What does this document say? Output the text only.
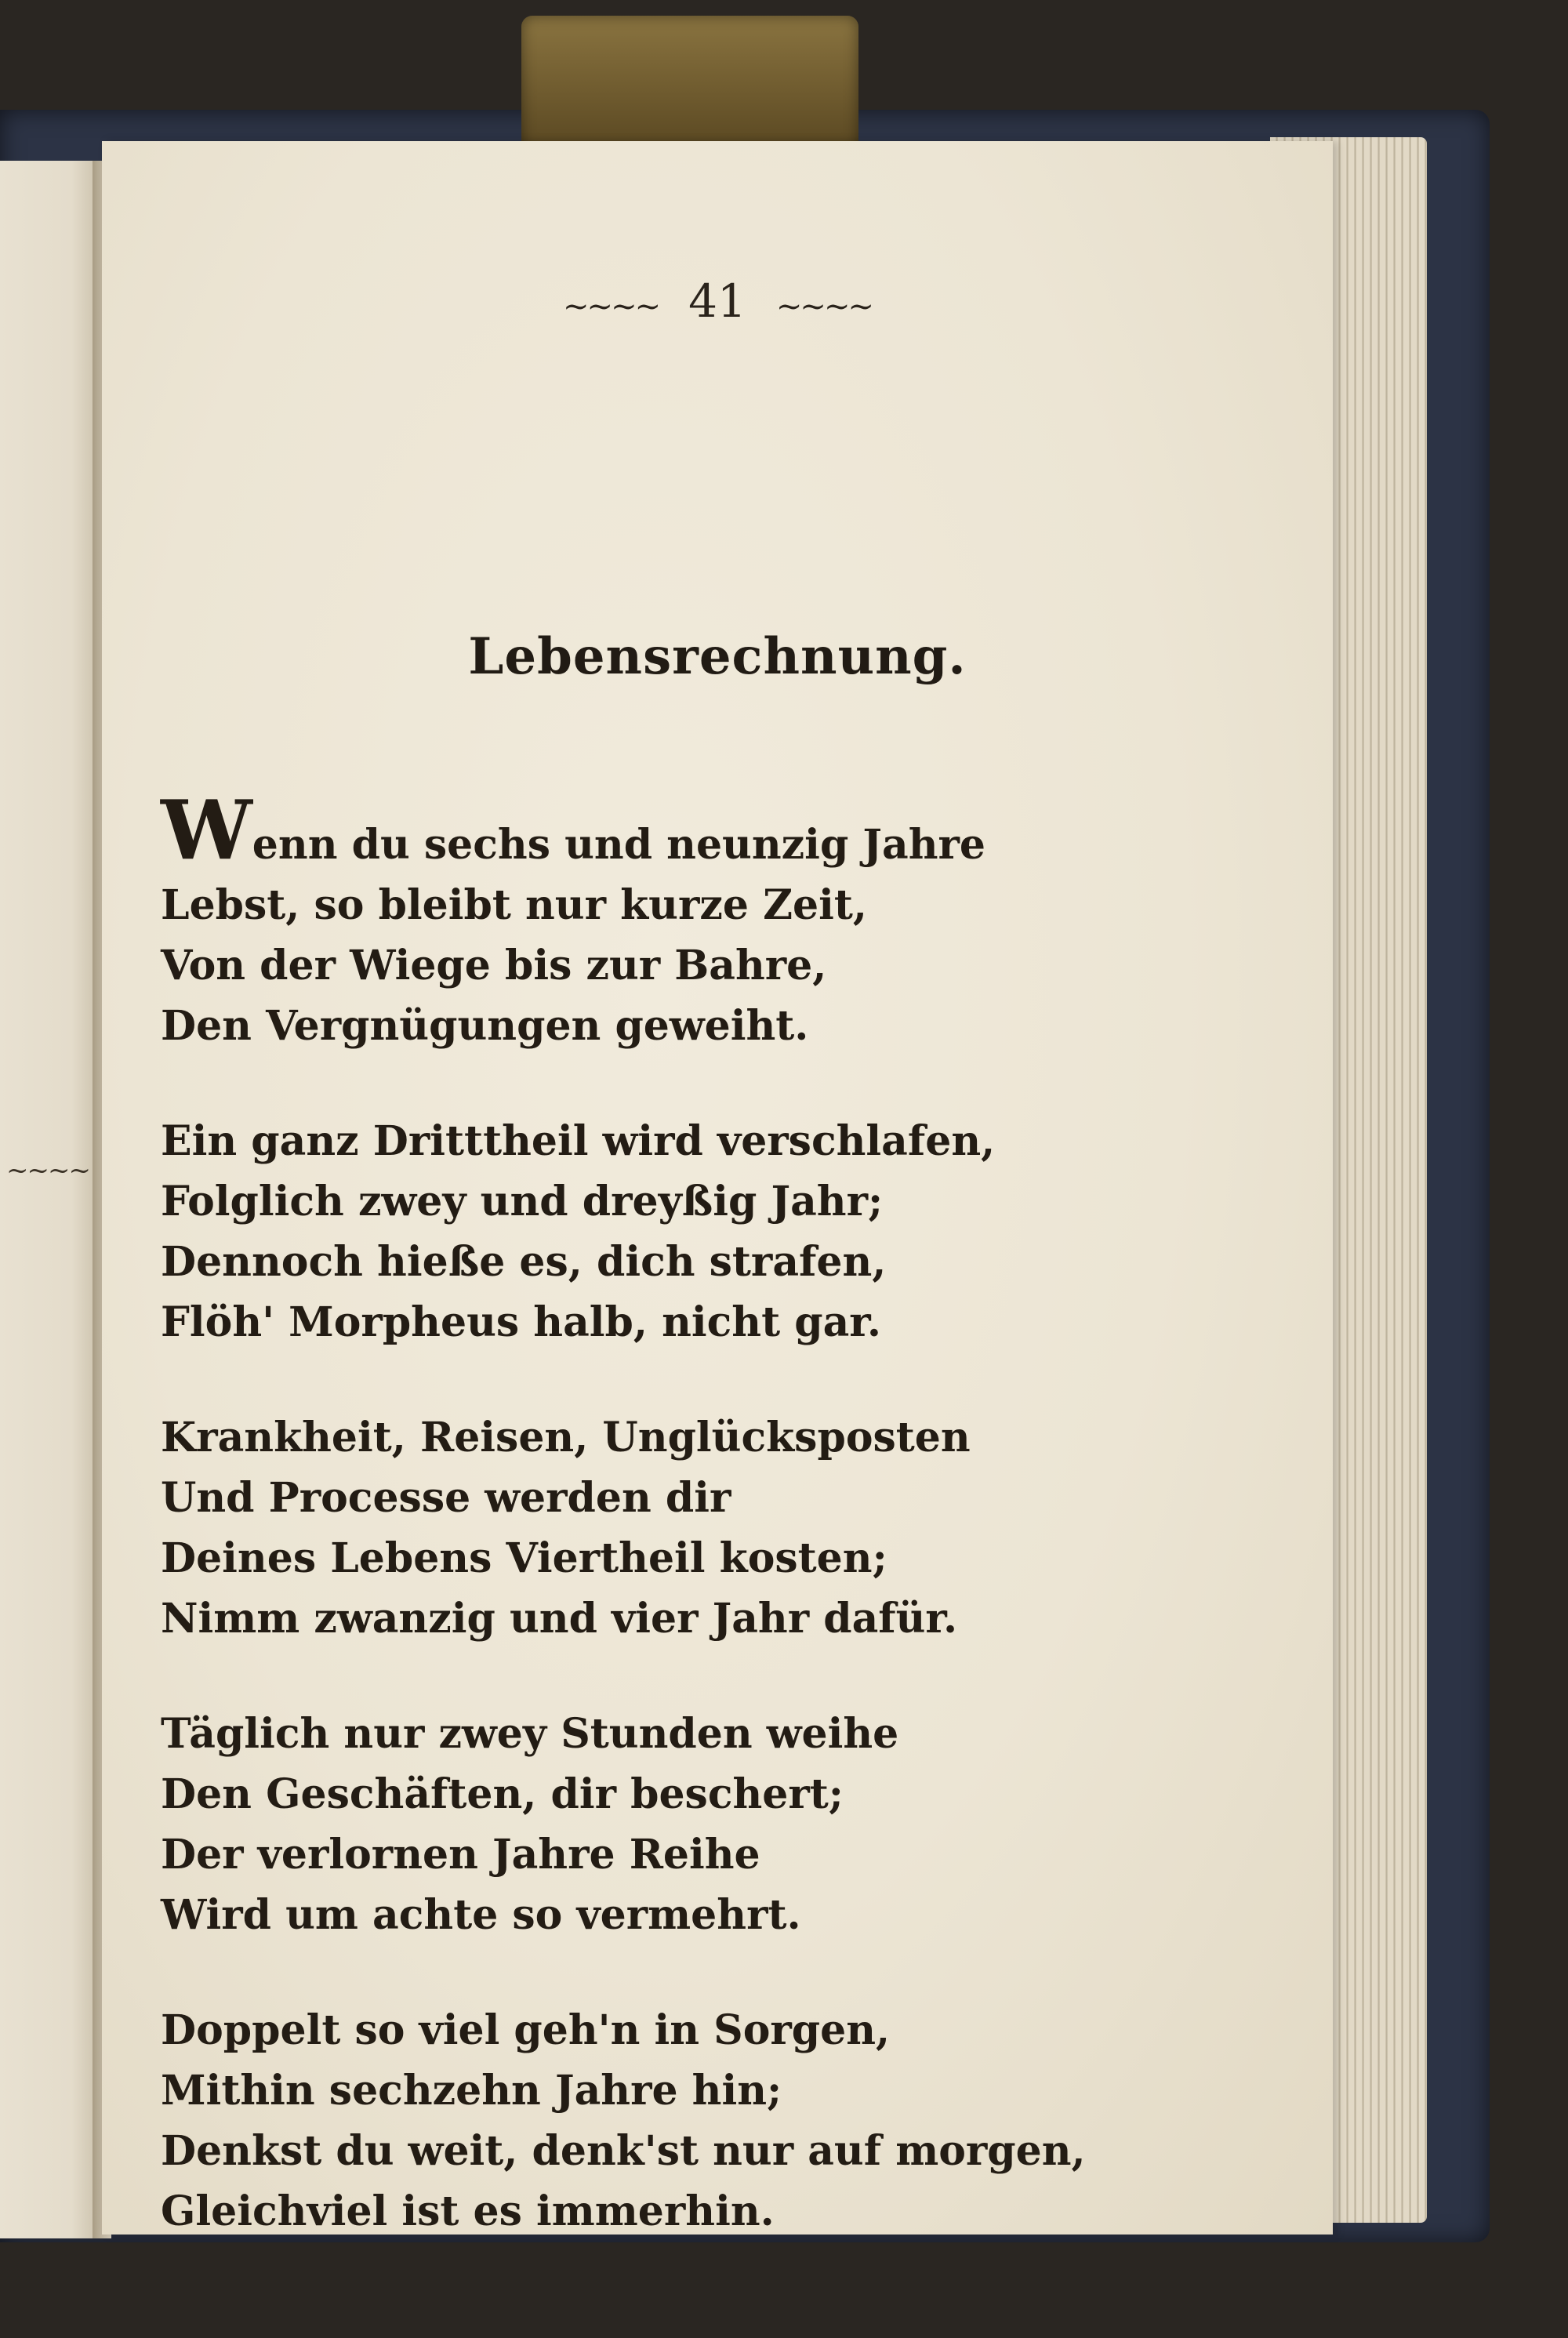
~~~~
~~~~ 41 ~~~~
Lebensrechnung.
Wenn du sechs und neunzig Jahre
Lebst, so bleibt nur kurze Zeit,
Von der Wiege bis zur Bahre,
Den Vergnügungen geweiht.
Ein ganz Dritttheil wird verschlafen,
Folglich zwey und dreyßig Jahr;
Dennoch hieße es, dich strafen,
Flöh' Morpheus halb, nicht gar.
Krankheit, Reisen, Unglücksposten
Und Processe werden dir
Deines Lebens Viertheil kosten;
Nimm zwanzig und vier Jahr dafür.
Täglich nur zwey Stunden weihe
Den Geschäften, dir beschert;
Der verlornen Jahre Reihe
Wird um achte so vermehrt.
Doppelt so viel geh'n in Sorgen,
Mithin sechzehn Jahre hin;
Denkst du weit, denk'st nur auf morgen,
Gleichviel ist es immerhin.
